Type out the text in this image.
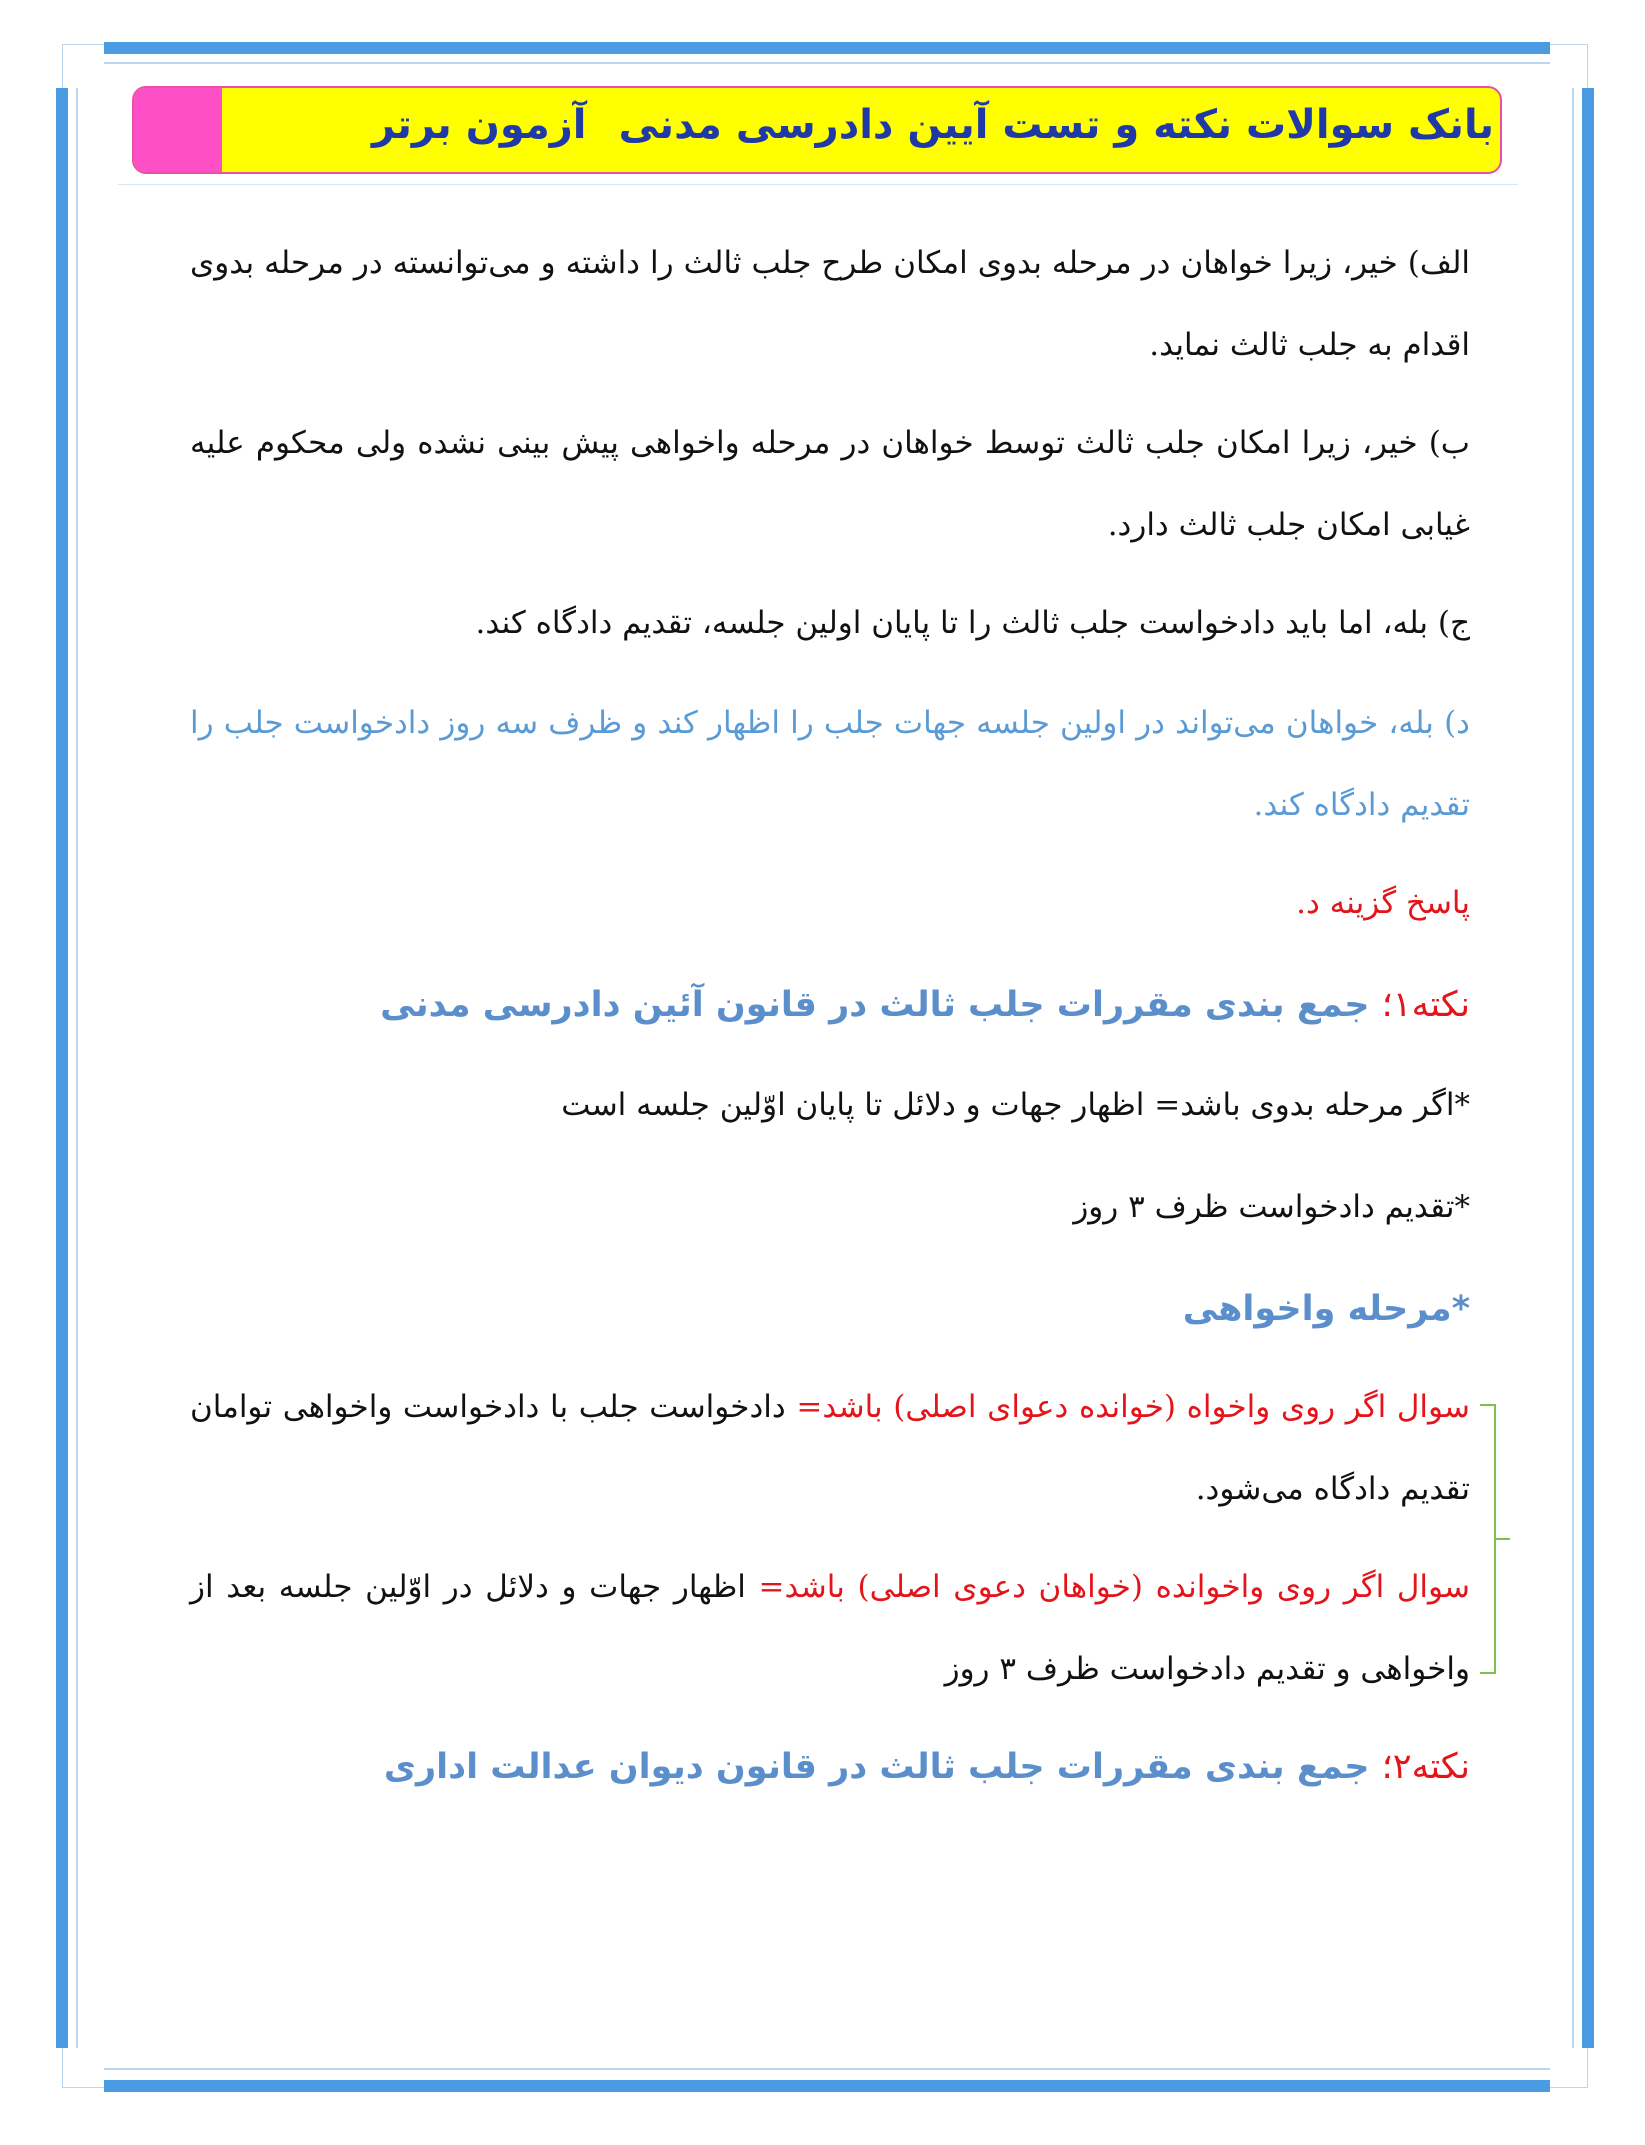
بانک سوالات نکته و تست آیین دادرسی مدنی
آزمون برتر

الف) خیر، زیرا خواهان در مرحله بدوی امکان طرح جلب ثالث را داشته و می‌توانسته در مرحله بدوی اقدام به جلب ثالث نماید.

ب) خیر، زیرا امکان جلب ثالث توسط خواهان در مرحله واخواهی پیش بینی نشده ولی محکوم علیه غیابی امکان جلب ثالث دارد.

ج) بله، اما باید دادخواست جلب ثالث را تا پایان اولین جلسه، تقدیم دادگاه کند.

د) بله، خواهان می‌تواند در اولین جلسه جهات جلب را اظهار کند و ظرف سه روز دادخواست جلب را تقدیم دادگاه کند.

پاسخ گزینه د.

نکته۱؛ جمع بندی مقررات جلب ثالث در قانون آئین دادرسی مدنی

*اگر مرحله بدوی باشد= اظهار جهات و دلائل تا پایان اوّلین جلسه است

*تقدیم دادخواست ظرف ۳ روز

*مرحله واخواهی

سوال اگر روی واخواه (خوانده دعوای اصلی) باشد= دادخواست جلب با دادخواست واخواهی توامان تقدیم دادگاه می‌شود.

سوال اگر روی واخوانده (خواهان دعوی اصلی) باشد= اظهار جهات و دلائل در اوّلین جلسه بعد از واخواهی و تقدیم دادخواست ظرف ۳ روز

نکته۲؛ جمع بندی مقررات جلب ثالث در قانون دیوان عدالت اداری
